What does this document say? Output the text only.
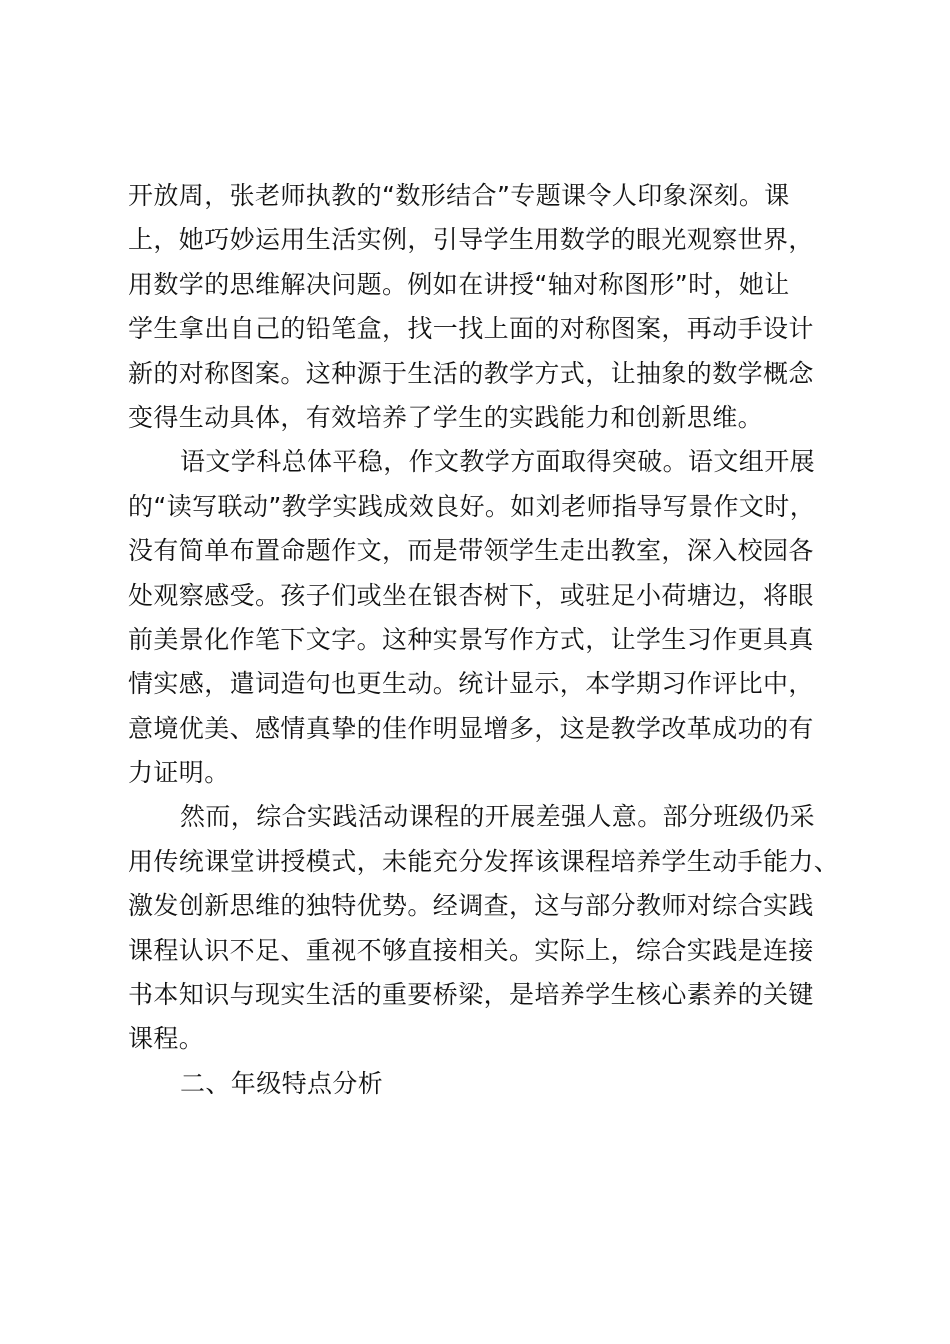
开放周，张老师执教的“数形结合”专题课令人印象深刻。课
上，她巧妙运用生活实例，引导学生用数学的眼光观察世界，
用数学的思维解决问题。例如在讲授“轴对称图形”时，她让
学生拿出自己的铅笔盒，找一找上面的对称图案，再动手设计
新的对称图案。这种源于生活的教学方式，让抽象的数学概念
变得生动具体，有效培养了学生的实践能力和创新思维。
语文学科总体平稳，作文教学方面取得突破。语文组开展
的“读写联动”教学实践成效良好。如刘老师指导写景作文时，
没有简单布置命题作文，而是带领学生走出教室，深入校园各
处观察感受。孩子们或坐在银杏树下，或驻足小荷塘边，将眼
前美景化作笔下文字。这种实景写作方式，让学生习作更具真
情实感，遣词造句也更生动。统计显示，本学期习作评比中，
意境优美、感情真挚的佳作明显增多，这是教学改革成功的有
力证明。
然而，综合实践活动课程的开展差强人意。部分班级仍采
用传统课堂讲授模式，未能充分发挥该课程培养学生动手能力、
激发创新思维的独特优势。经调查，这与部分教师对综合实践
课程认识不足、重视不够直接相关。实际上，综合实践是连接
书本知识与现实生活的重要桥梁，是培养学生核心素养的关键
课程。
二、年级特点分析
